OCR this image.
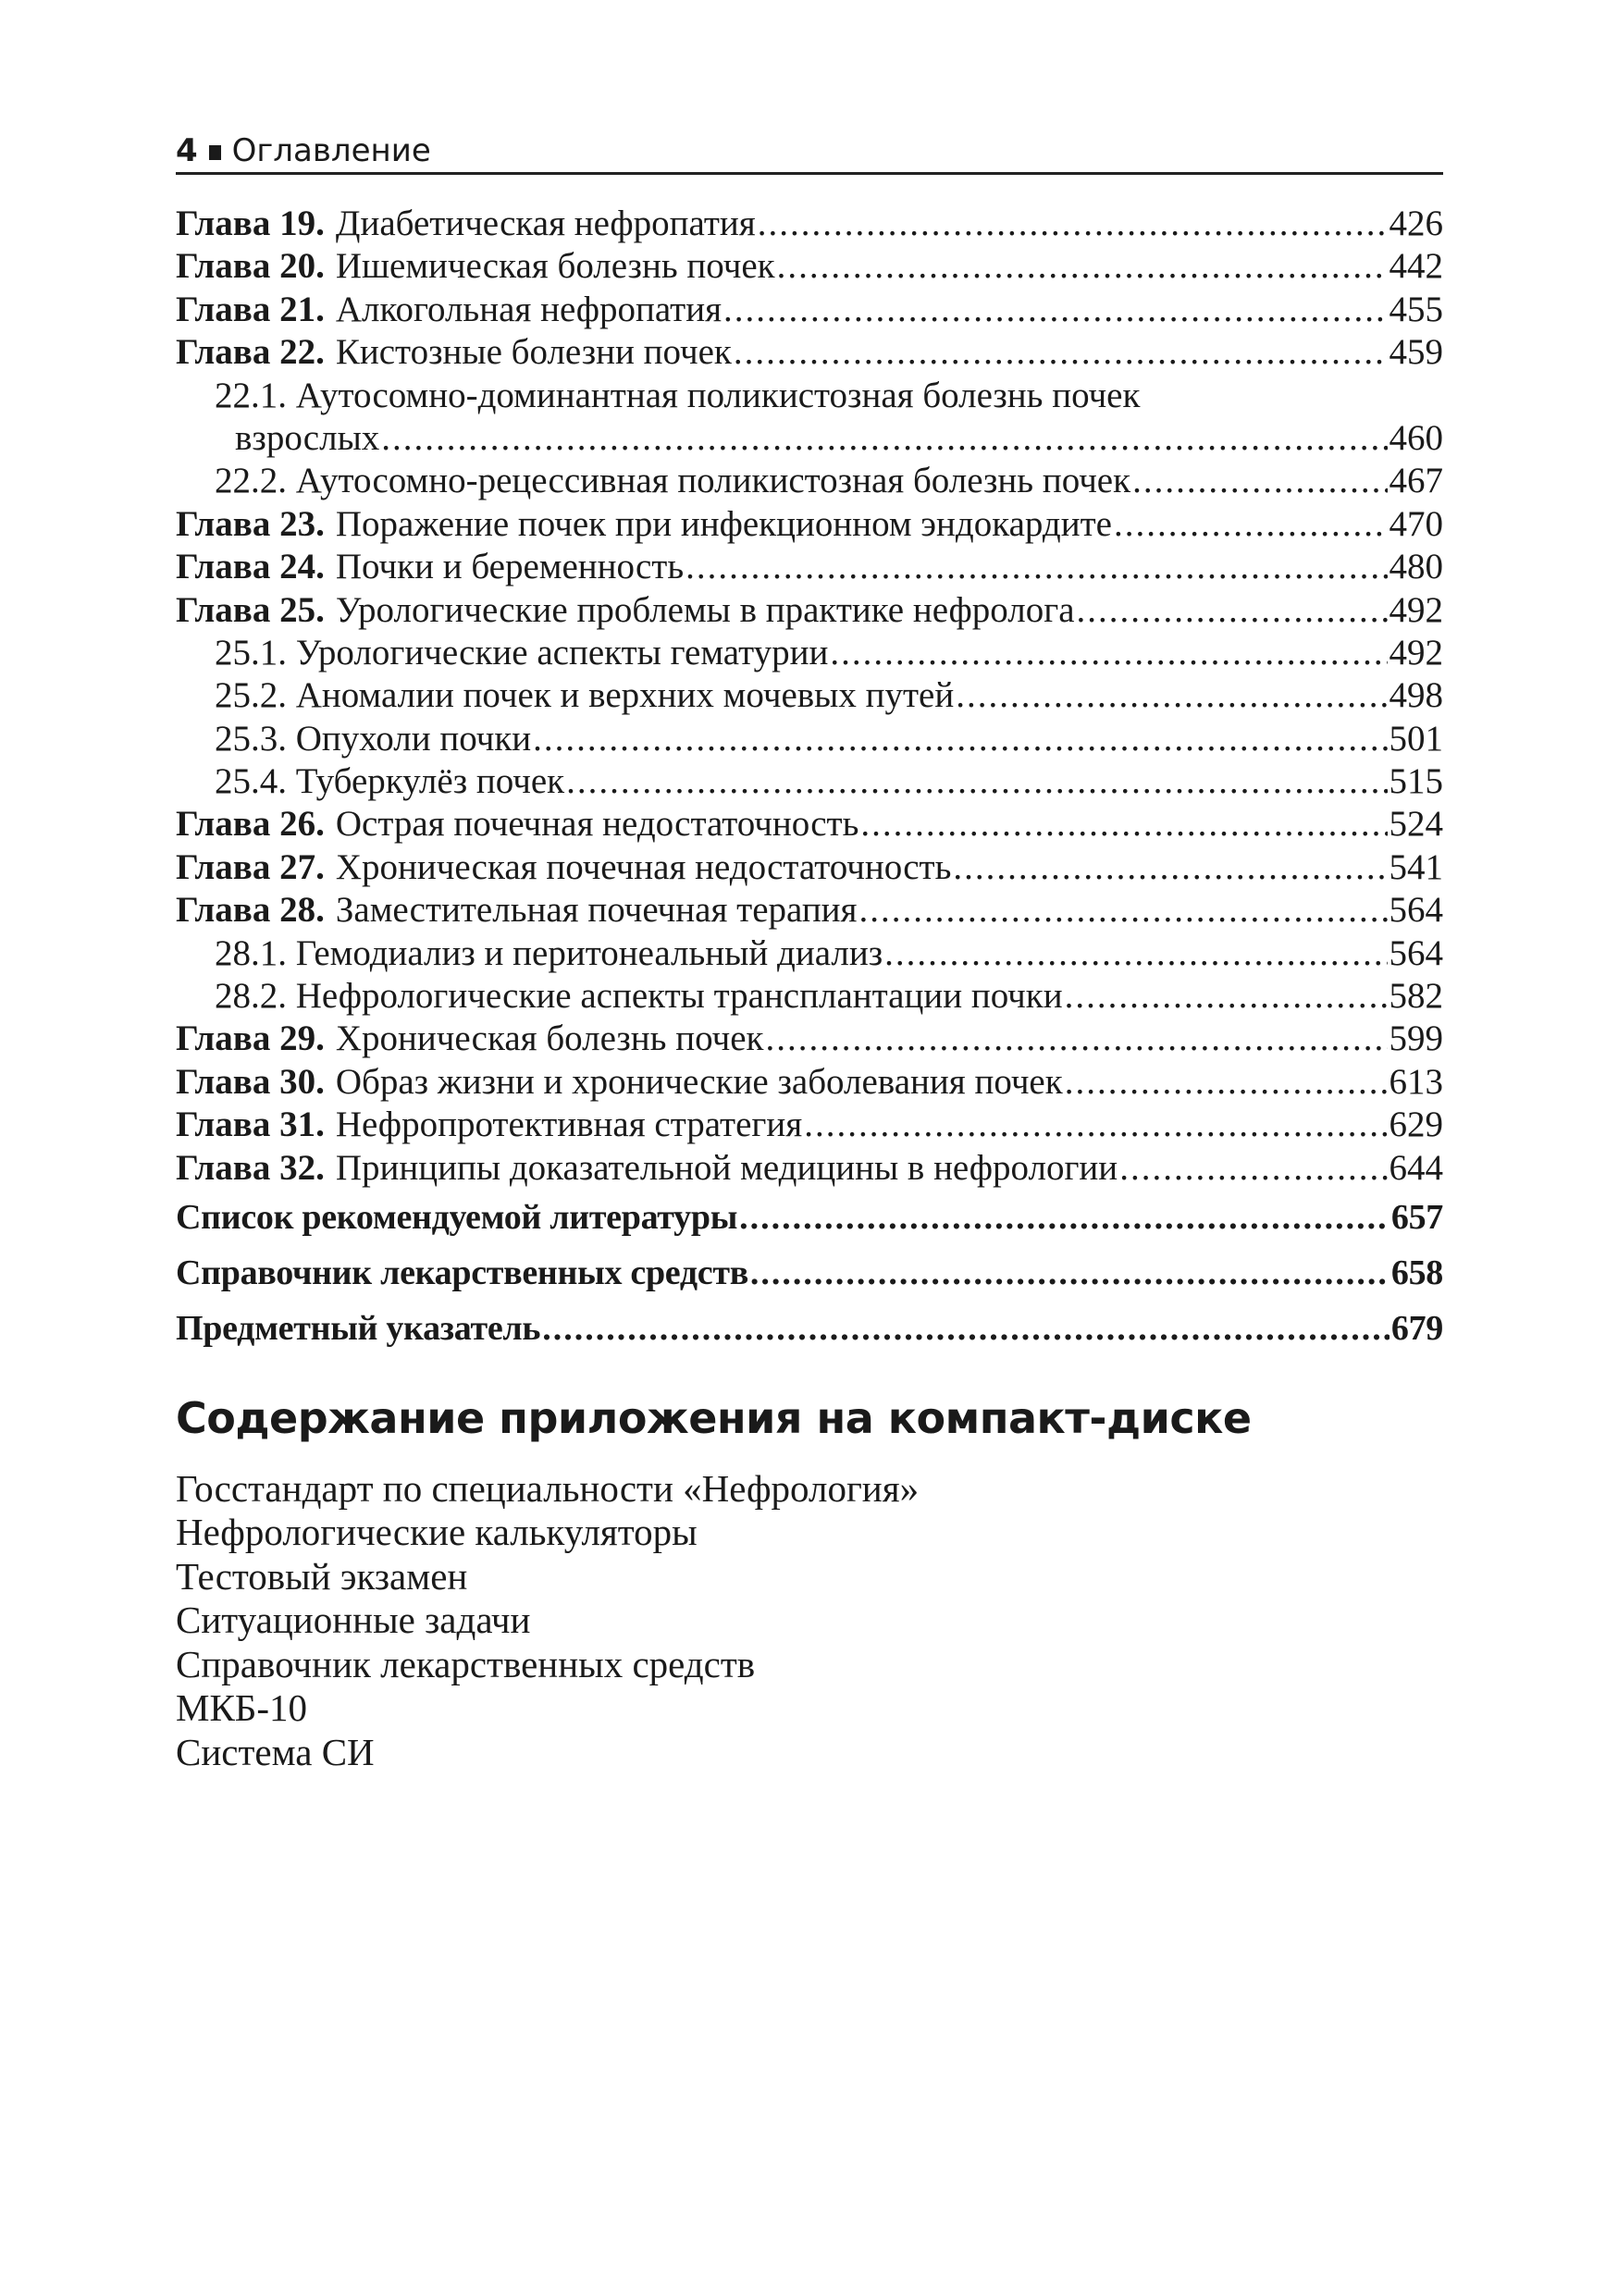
4 Оглавление
Глава 19. Диабетическая нефропатия .....	426
Глава 20. Ишемическая болезнь почек .....	442
Глава 21. Алкогольная нефропатия .....	455
Глава 22. Кистозные болезни почек .....	459
22.1. Аутосомно-доминантная поликистозная болезнь почек
взрослых .....	460
22.2. Аутосомно-рецессивная поликистозная болезнь почек .....	467
Глава 23. Поражение почек при инфекционном эндокардите .....	470
Глава 24. Почки и беременность .....	480
Глава 25. Урологические проблемы в практике нефролога .....	492
25.1. Урологические аспекты гематурии .....	492
25.2. Аномалии почек и верхних мочевых путей .....	498
25.3. Опухоли почки .....	501
25.4. Туберкулёз почек .....	515
Глава 26. Острая почечная недостаточность .....	524
Глава 27. Хроническая почечная недостаточность .....	541
Глава 28. Заместительная почечная терапия .....	564
28.1. Гемодиализ и перитонеальный диализ .....	564
28.2. Нефрологические аспекты трансплантации почки .....	582
Глава 29. Хроническая болезнь почек .....	599
Глава 30. Образ жизни и хронические заболевания почек .....	613
Глава 31. Нефропротективная стратегия .....	629
Глава 32. Принципы доказательной медицины в нефрологии .....	644
Список рекомендуемой литературы .....	657
Справочник лекарственных средств .....	658
Предметный указатель .....	679
Содержание приложения на компакт-диске
Госстандарт по специальности «Нефрология»
Нефрологические калькуляторы
Тестовый экзамен
Ситуационные задачи
Справочник лекарственных средств
МКБ-10
Система СИ
